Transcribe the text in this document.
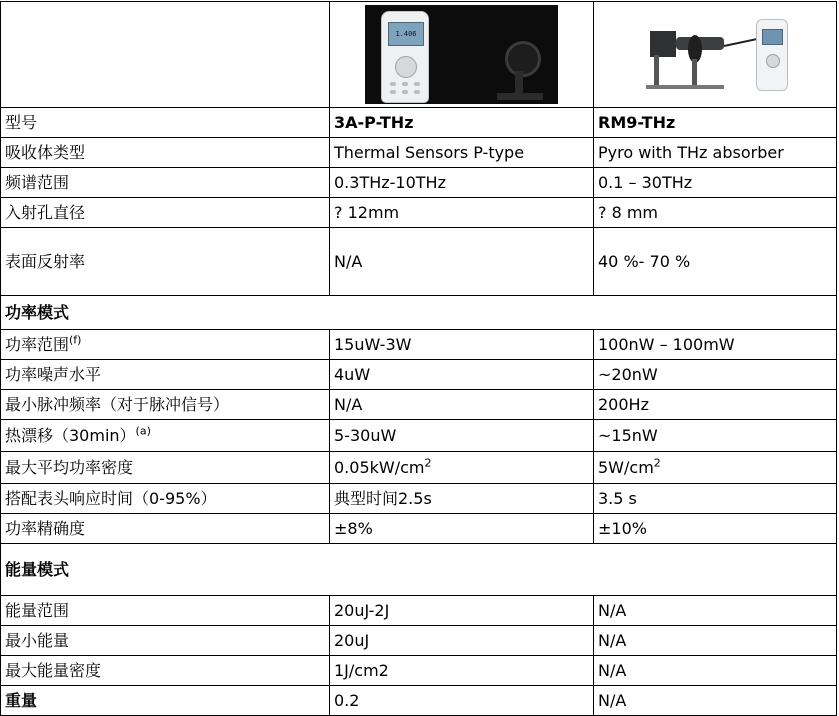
	1.406	

型号	3A-P-THz	RM9-THz
吸收体类型	Thermal Sensors P-type	Pyro with THz absorber
频谱范围	0.3THz-10THz	0.1 – 30THz
入射孔直径	? 12mm	? 8 mm
表面反射率	N/A	40 %- 70 %
功率模式		
功率范围$^{(f)}$	15uW-3W	100nW – 100mW
功率噪声水平	4uW	~20nW
最小脉冲频率（对于脉冲信号）	N/A	200Hz
热漂移$(30\min)^{(a)}$	5-30uW	~15nW
最大平均功率密度	$0.05kW/cm^2$	$5W/cm^2$
搭配表头响应时间（0-95%）	典型时间2.5s	3.5 s
功率精确度	±8%	±10%
能量模式		
能量范围	20uJ-2J	N/A
最小能量	20uJ	N/A
最大能量密度	1J/cm2	N/A
重量	0.2	N/A
